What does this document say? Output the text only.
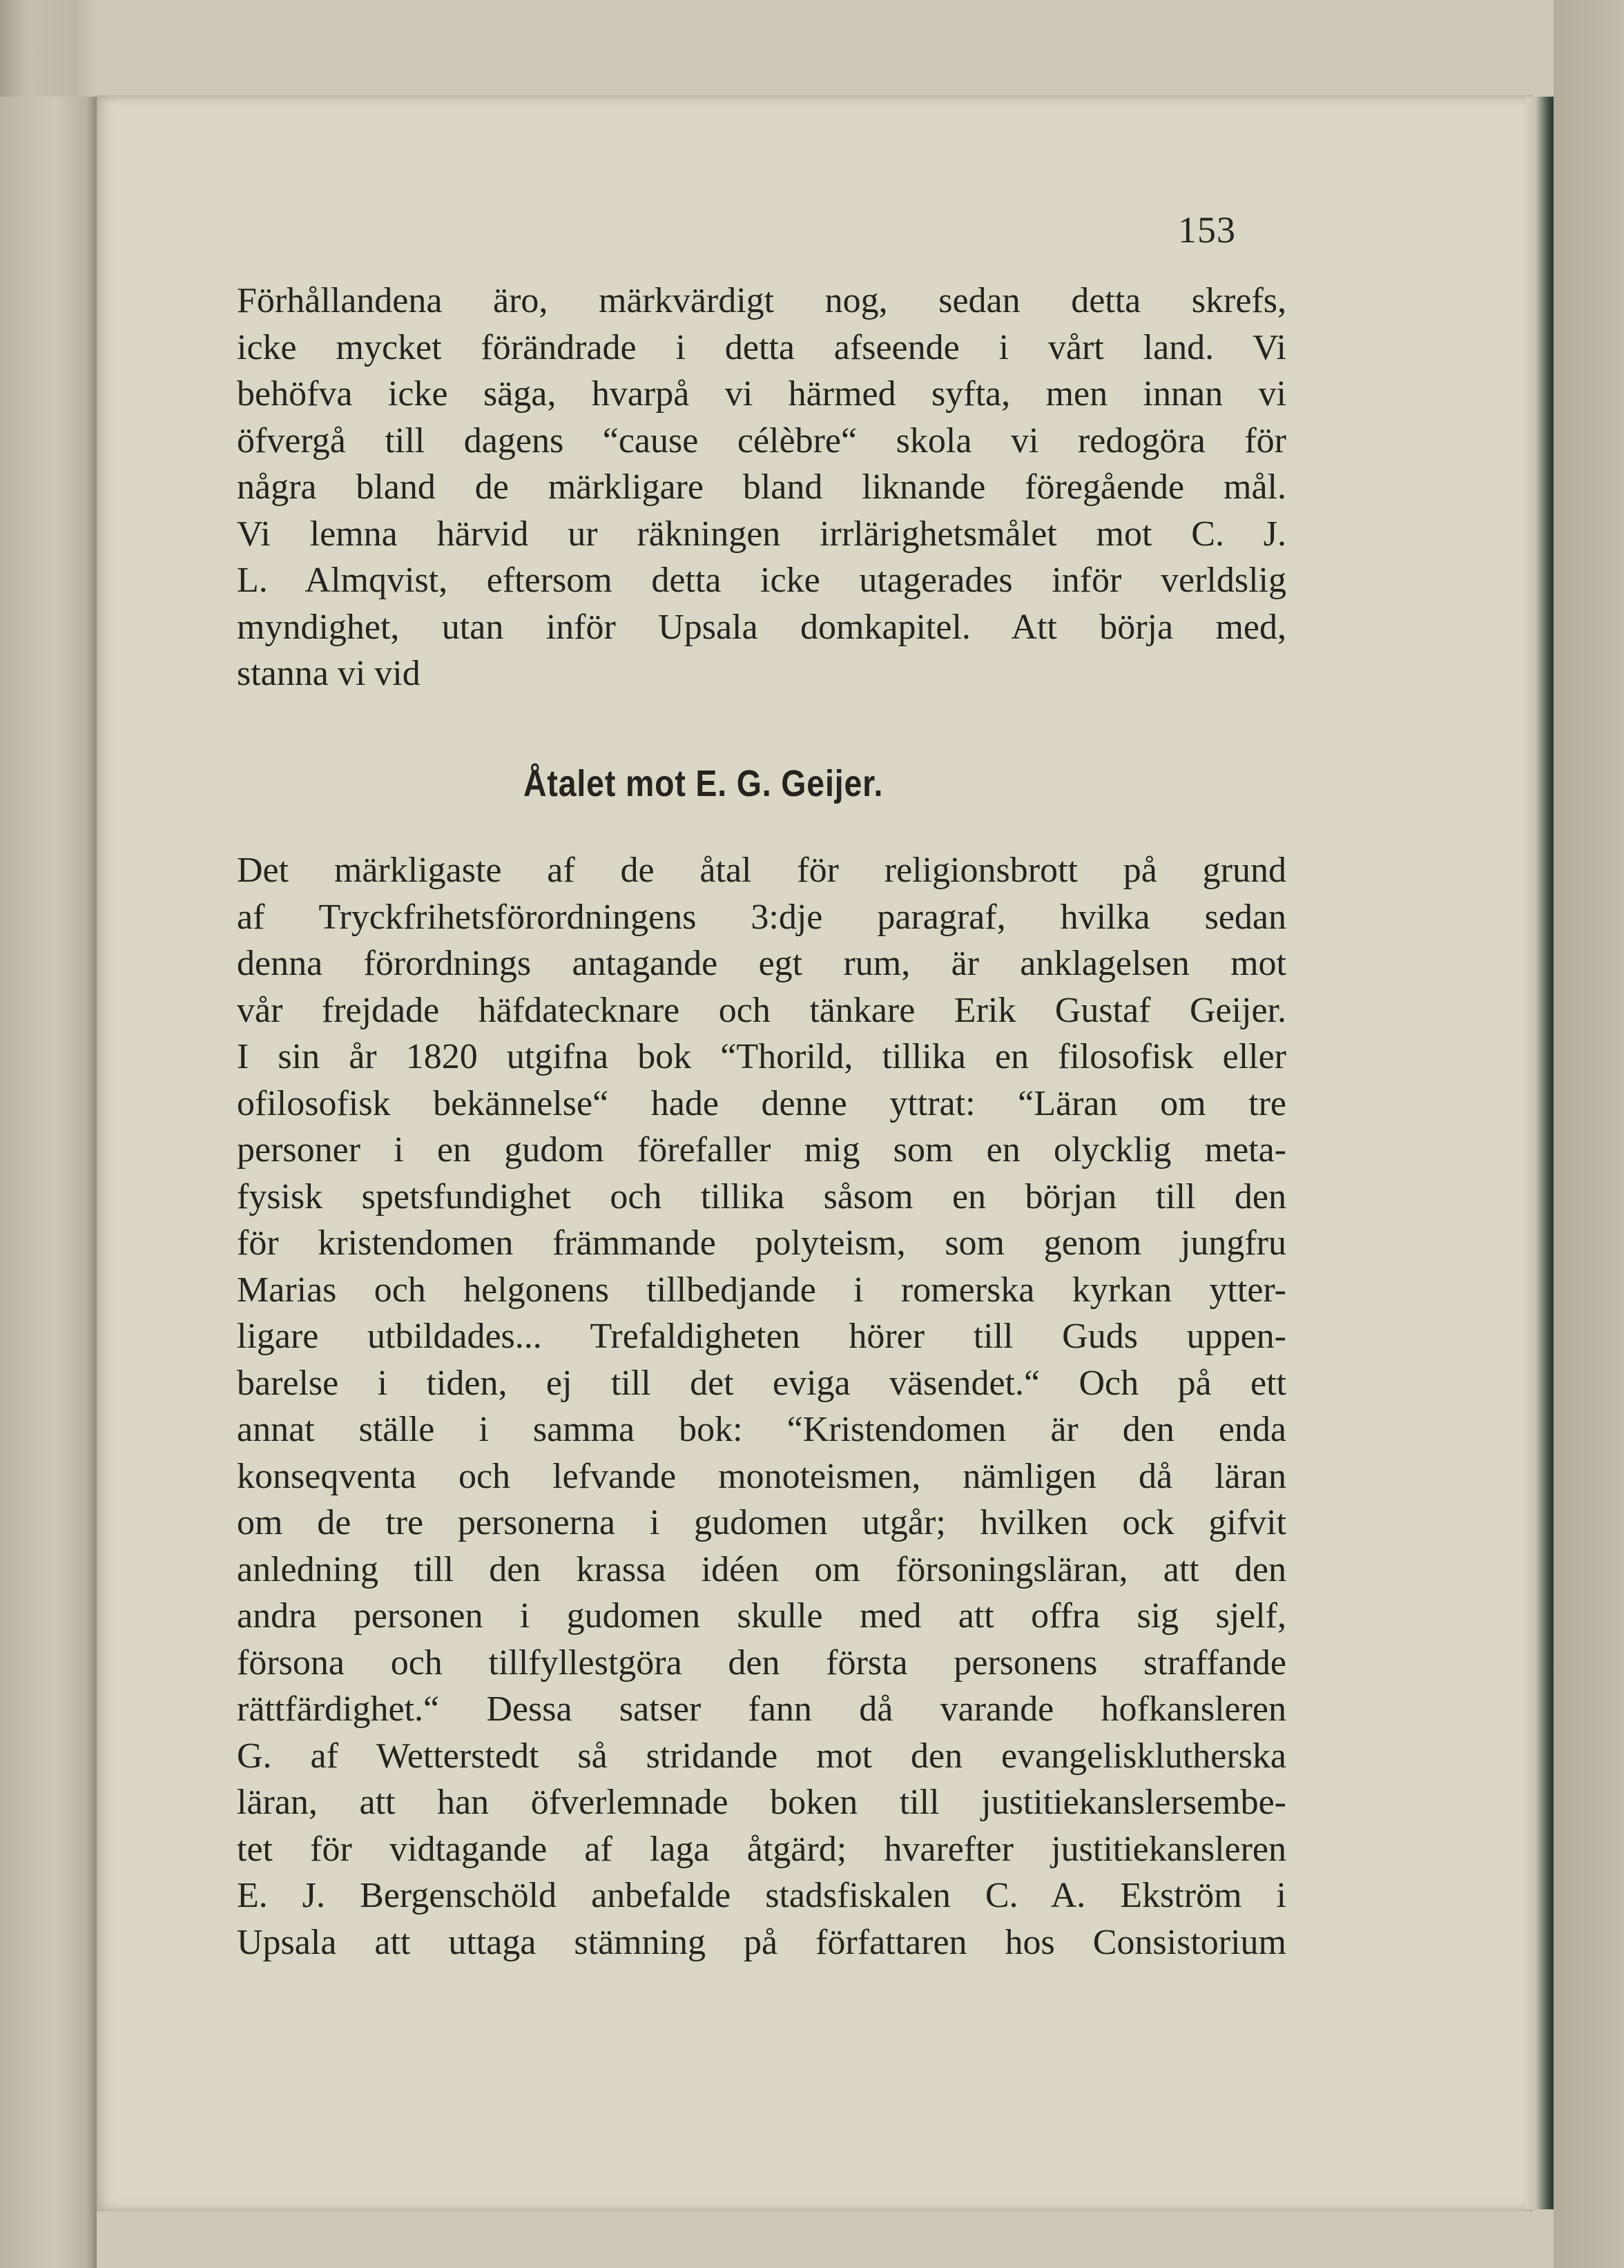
153

Förhållandena äro, märkvärdigt nog, sedan detta skrefs,
icke mycket förändrade i detta afseende i vårt land. Vi
behöfva icke säga, hvarpå vi härmed syfta, men innan vi
öfvergå till dagens “cause célèbre“ skola vi redogöra för
några bland de märkligare bland liknande föregående mål.
Vi lemna härvid ur räkningen irrlärighetsmålet mot C. J.
L. Almqvist, eftersom detta icke utagerades inför verldslig
myndighet, utan inför Upsala domkapitel. Att börja med,
stanna vi vid
Åtalet mot E. G. Geijer.
Det märkligaste af de åtal för religionsbrott på grund
af Tryckfrihetsförordningens 3:dje paragraf, hvilka sedan
denna förordnings antagande egt rum, är anklagelsen mot
vår frejdade häfdatecknare och tänkare Erik Gustaf Geijer.
I sin år 1820 utgifna bok “Thorild, tillika en filosofisk eller
ofilosofisk bekännelse“ hade denne yttrat: “Läran om tre
personer i en gudom förefaller mig som en olycklig meta-
fysisk spetsfundighet och tillika såsom en början till den
för kristendomen främmande polyteism, som genom jungfru
Marias och helgonens tillbedjande i romerska kyrkan ytter-
ligare utbildades... Trefaldigheten hörer till Guds uppen-
barelse i tiden, ej till det eviga väsendet.“ Och på ett
annat ställe i samma bok: “Kristendomen är den enda
konseqventa och lefvande monoteismen, nämligen då läran
om de tre personerna i gudomen utgår; hvilken ock gifvit
anledning till den krassa idéen om försoningsläran, att den
andra personen i gudomen skulle med att offra sig sjelf,
försona och tillfyllestgöra den första personens straffande
rättfärdighet.“ Dessa satser fann då varande hofkansleren
G. af Wetterstedt så stridande mot den evangelisklutherska
läran, att han öfverlemnade boken till justitiekanslersembe-
tet för vidtagande af laga åtgärd; hvarefter justitiekansleren
E. J. Bergenschöld anbefalde stadsfiskalen C. A. Ekström i
Upsala att uttaga stämning på författaren hos Consistorium
